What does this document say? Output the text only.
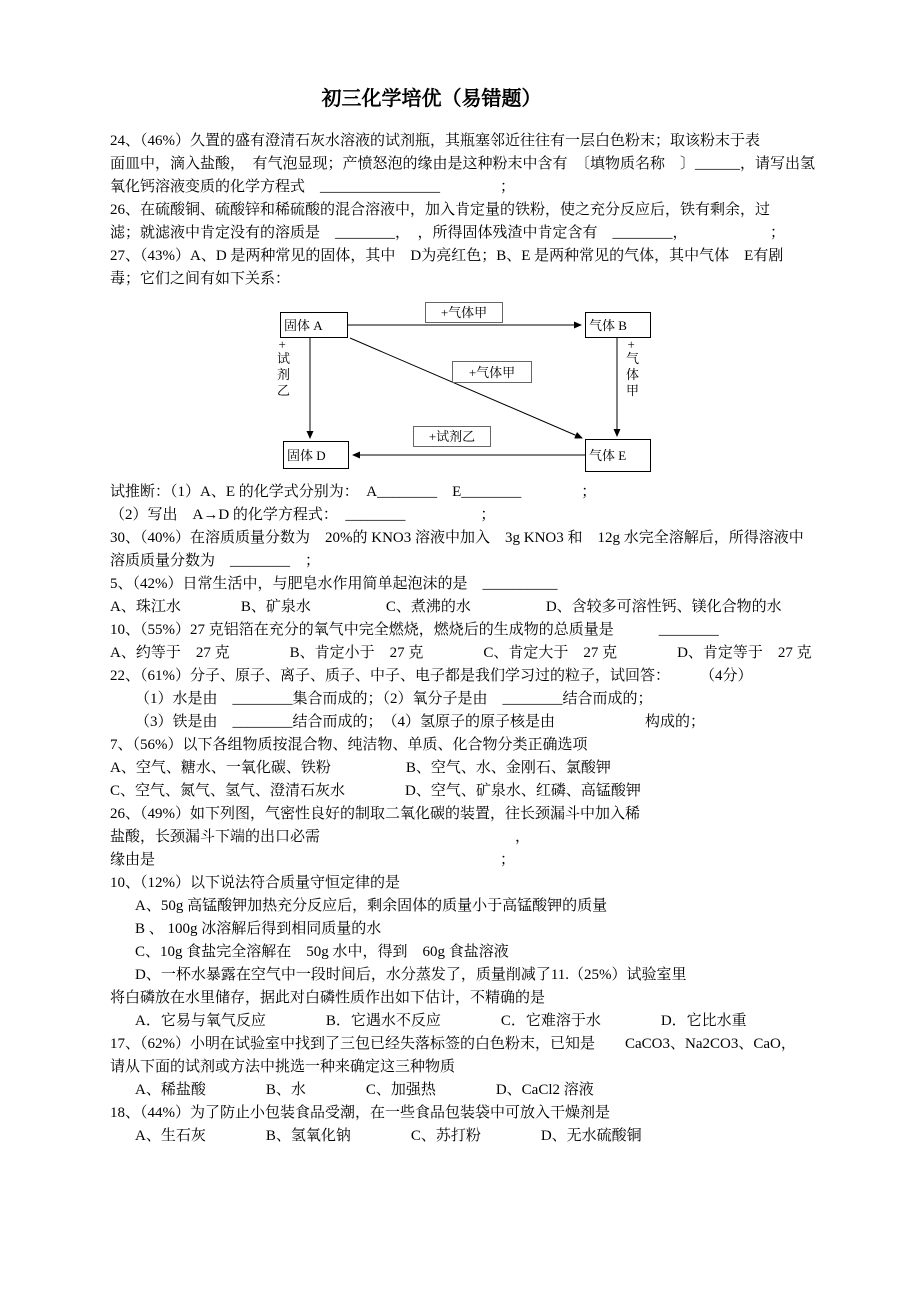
初三化学培优（易错题）
24、（46%）久置的盛有澄清石灰水溶液的试剂瓶，其瓶塞邻近往往有一层白色粉末；取该粉末于表
面皿中，滴入盐酸，　有气泡显现；产愤怒泡的缘由是这种粉末中含有　〔填物质名称　〕______，请写出氢
氧化钙溶液变质的化学方程式　________________　　　　；
26、在硫酸铜、硫酸锌和稀硫酸的混合溶液中，加入肯定量的铁粉，使之充分反应后，铁有剩余，过
滤；就滤液中肯定没有的溶质是　________，　，所得固体残渣中肯定含有　________，　　　　　　；
27、（43%）A、D 是两种常见的固体，其中　D为亮红色；B、E 是两种常见的气体，其中气体　E有剧
毒；它们之间有如下关系：
固体 A	气体 B
固体 D	气体 E
+气体甲
+气体甲
+试剂乙
+试剂乙	+气体甲
试推断：（1）A、E 的化学式分别为：　A________　E________　　　　；
（2）写出　A→D 的化学方程式：　________　　　　　；
30、（40%）在溶质质量分数为　20%的 KNO3 溶液中加入　3g KNO3 和　12g 水完全溶解后，所得溶液中
溶质质量分数为　________　；
5、（42%）日常生活中，与肥皂水作用简单起泡沫的是　__________
A、珠江水　　　　B、矿泉水　　　　　C、煮沸的水　　　　　D、含较多可溶性钙、镁化合物的水
10、（55%）27 克铝箔在充分的氧气中完全燃烧，燃烧后的生成物的总质量是　　　________
A、约等于　27 克　　　　B、肯定小于　27 克　　　　C、肯定大于　27 克　　　　D、肯定等于　27 克
22、（61%）分子、原子、离子、质子、中子、电子都是我们学习过的粒子，试回答：　　　（4分）
（1）水是由　________集合而成的；（2）氧分子是由　________结合而成的；
（3）铁是由　________结合而成的；　（4）氢原子的原子核是由　　　　　　构成的；
7、（56%）以下各组物质按混合物、纯洁物、单质、化合物分类正确选项
A、空气、糖水、一氧化碳、铁粉　　　　　B、空气、水、金刚石、氯酸钾
C、空气、氮气、氢气、澄清石灰水　　　　D、空气、矿泉水、红磷、高锰酸钾
26、（49%）如下列图，气密性良好的制取二氧化碳的装置，往长颈漏斗中加入稀
盐酸，长颈漏斗下端的出口必需　　　　　　　　　　　　　，
缘由是　　　　　　　　　　　　　　　　　　　　　　　；
10、（12%）以下说法符合质量守恒定律的是
A、50g 高锰酸钾加热充分反应后，剩余固体的质量小于高锰酸钾的质量
B 、 100g 冰溶解后得到相同质量的水
C、10g 食盐完全溶解在　50g 水中，得到　60g 食盐溶液
D、一杯水暴露在空气中一段时间后，水分蒸发了，质量削减了11.（25%）试验室里
将白磷放在水里储存，据此对白磷性质作出如下估计，不精确的是
A．它易与氧气反应　　　　B．它遇水不反应　　　　C．它难溶于水　　　　D．它比水重
17、（62%）小明在试验室中找到了三包已经失落标签的白色粉末，已知是　　CaCO3、Na2CO3、CaO，
请从下面的试剂或方法中挑选一种来确定这三种物质
A、稀盐酸　　　　B、水　　　　C、加强热　　　　D、CaCl2 溶液
18、（44%）为了防止小包装食品受潮，在一些食品包装袋中可放入干燥剂是
A、生石灰　　　　B、氢氧化钠　　　　C、苏打粉　　　　D、无水硫酸铜
